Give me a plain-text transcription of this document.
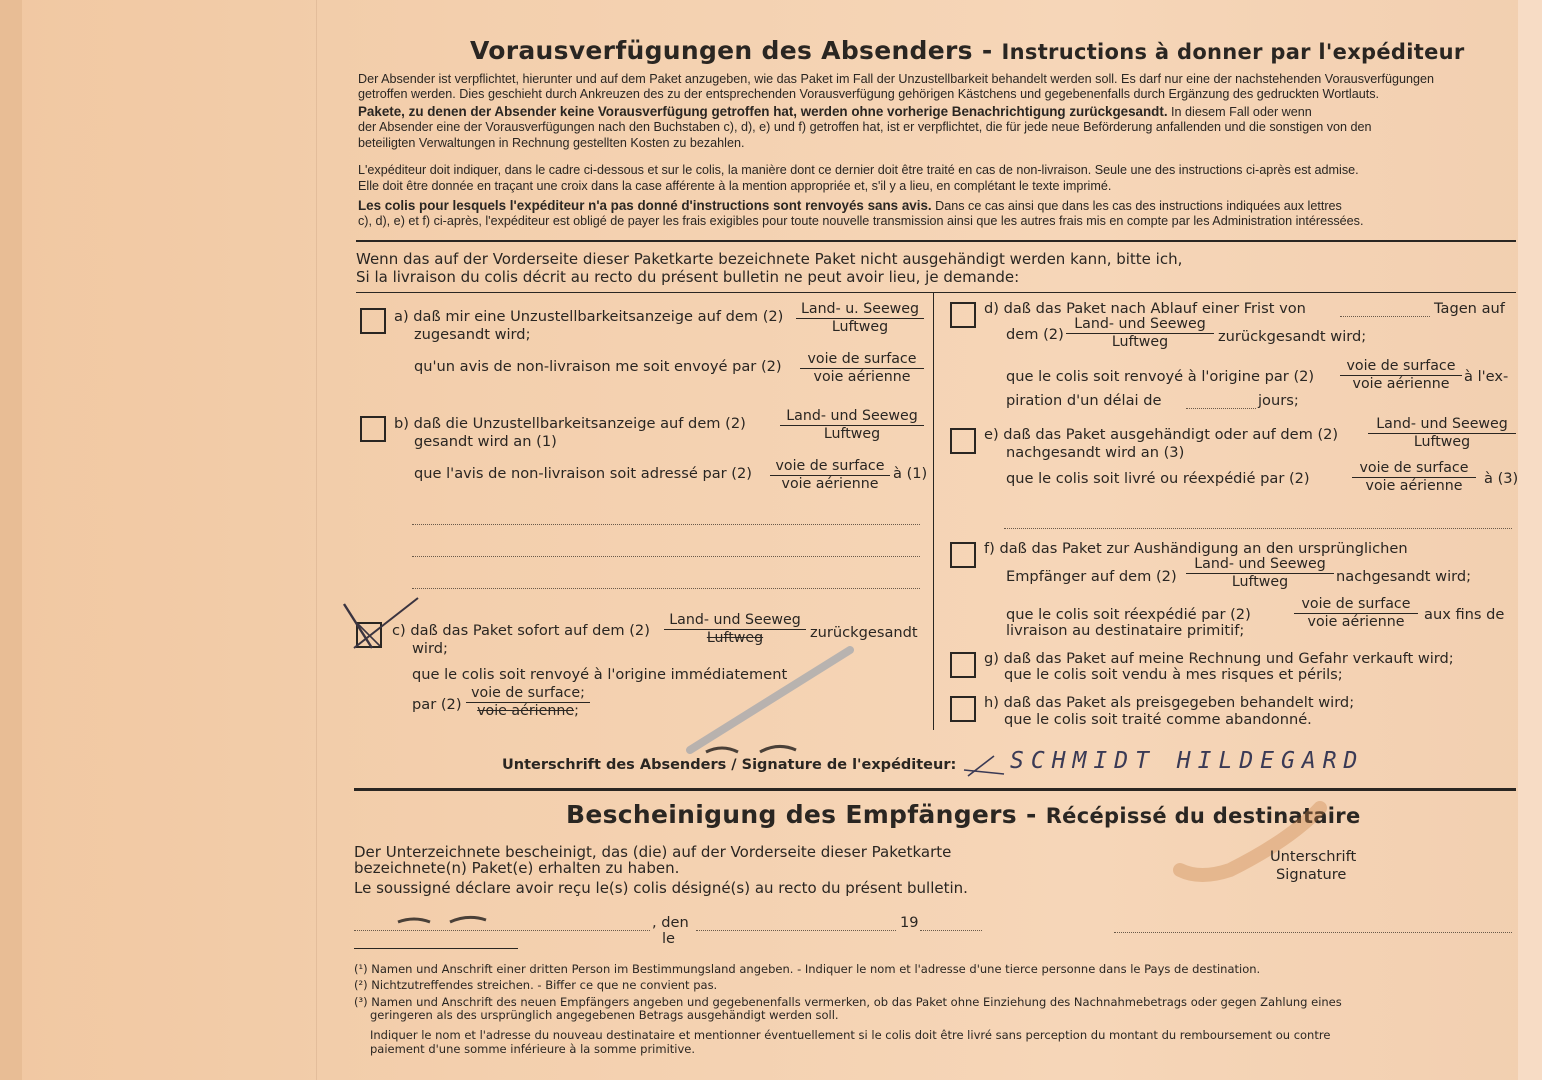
Vorausverfügungen des Absenders - Instructions à donner par l'expéditeur
Der Absender ist verpflichtet, hierunter und auf dem Paket anzugeben, wie das Paket im Fall der Unzustellbarkeit behandelt werden soll. Es darf nur eine der nachstehenden Vorausverfügungen
getroffen werden. Dies geschieht durch Ankreuzen des zu der entsprechenden Vorausverfügung gehörigen Kästchens und gegebenenfalls durch Ergänzung des gedruckten Wortlauts.
Pakete, zu denen der Absender keine Vorausverfügung getroffen hat, werden ohne vorherige Benachrichtigung zurückgesandt. In diesem Fall oder wenn
der Absender eine der Vorausverfügungen nach den Buchstaben c), d), e) und f) getroffen hat, ist er verpflichtet, die für jede neue Beförderung anfallenden und die sonstigen von den
beteiligten Verwaltungen in Rechnung gestellten Kosten zu bezahlen.
L'expéditeur doit indiquer, dans le cadre ci-dessous et sur le colis, la manière dont ce dernier doit être traité en cas de non-livraison. Seule une des instructions ci-après est admise.
Elle doit être donnée en traçant une croix dans la case afférente à la mention appropriée et, s'il y a lieu, en complétant le texte imprimé.
Les colis pour lesquels l'expéditeur n'a pas donné d'instructions sont renvoyés sans avis. Dans ce cas ainsi que dans les cas des instructions indiquées aux lettres
c), d), e) et f) ci-après, l'expéditeur est obligé de payer les frais exigibles pour toute nouvelle transmission ainsi que les autres frais mis en compte par les Administration intéressées.
Wenn das auf der Vorderseite dieser Paketkarte bezeichnete Paket nicht ausgehändigt werden kann, bitte ich,
Si la livraison du colis décrit au recto du présent bulletin ne peut avoir lieu, je demande:
a) daß mir eine Unzustellbarkeitsanzeige auf dem (2)	Land- u. Seeweg
Luftweg
zugesandt wird;
qu'un avis de non-livraison me soit envoyé par (2)	voie de surface
voie aérienne
b) daß die Unzustellbarkeitsanzeige auf dem (2)	Land- und Seeweg
Luftweg
gesandt wird an (1)
que l'avis de non-livraison soit adressé par (2)	voie de surface
voie aérienne
à (1)
c) daß das Paket sofort auf dem (2)
Land- und Seeweg
Luftweg	zurückgesandt
wird;
que le colis soit renvoyé à l'origine immédiatement
par (2)
voie de surface;
voie aérienne;
d) daß das Paket nach Ablauf einer Frist von	Tagen auf
dem (2)
Land- und Seeweg
Luftweg	zurückgesandt wird;
que le colis soit renvoyé à l'origine par (2)
voie de surface
voie aérienne à l'ex-
piration d'un délai de	jours;
e) daß das Paket ausgehändigt oder auf dem (2)
Land- und Seeweg
Luftweg
nachgesandt wird an (3)
que le colis soit livré ou réexpédié par (2)
voie de surface
voie aérienne	à (3)
f) daß das Paket zur Aushändigung an den ursprünglichen
Empfänger auf dem (2)
Land- und Seeweg
Luftweg	nachgesandt wird;
que le colis soit réexpédié par (2)
voie de surface
voie aérienne	aux fins de
livraison au destinataire primitif;
g) daß das Paket auf meine Rechnung und Gefahr verkauft wird;
que le colis soit vendu à mes risques et périls;
h) daß das Paket als preisgegeben behandelt wird;
que le colis soit traité comme abandonné.
Unterschrift des Absenders / Signature de l'expéditeur: SCHMIDT HILDEGARD
Bescheinigung des Empfängers - Récépissé du destinataire
Der Unterzeichnete bescheinigt, das (die) auf der Vorderseite dieser Paketkarte
bezeichnete(n) Paket(e) erhalten zu haben.
Le soussigné déclare avoir reçu le(s) colis désigné(s) au recto du présent bulletin.
Unterschrift
Signature
, den
le
19
(¹) Namen und Anschrift einer dritten Person im Bestimmungsland angeben. - Indiquer le nom et l'adresse d'une tierce personne dans le Pays de destination.
(²) Nichtzutreffendes streichen. - Biffer ce que ne convient pas.
(³) Namen und Anschrift des neuen Empfängers angeben und gegebenenfalls vermerken, ob das Paket ohne Einziehung des Nachnahmebetrags oder gegen Zahlung eines
geringeren als des ursprünglich angegebenen Betrags ausgehändigt werden soll.
Indiquer le nom et l'adresse du nouveau destinataire et mentionner éventuellement si le colis doit être livré sans perception du montant du remboursement ou contre
paiement d'une somme inférieure à la somme primitive.
